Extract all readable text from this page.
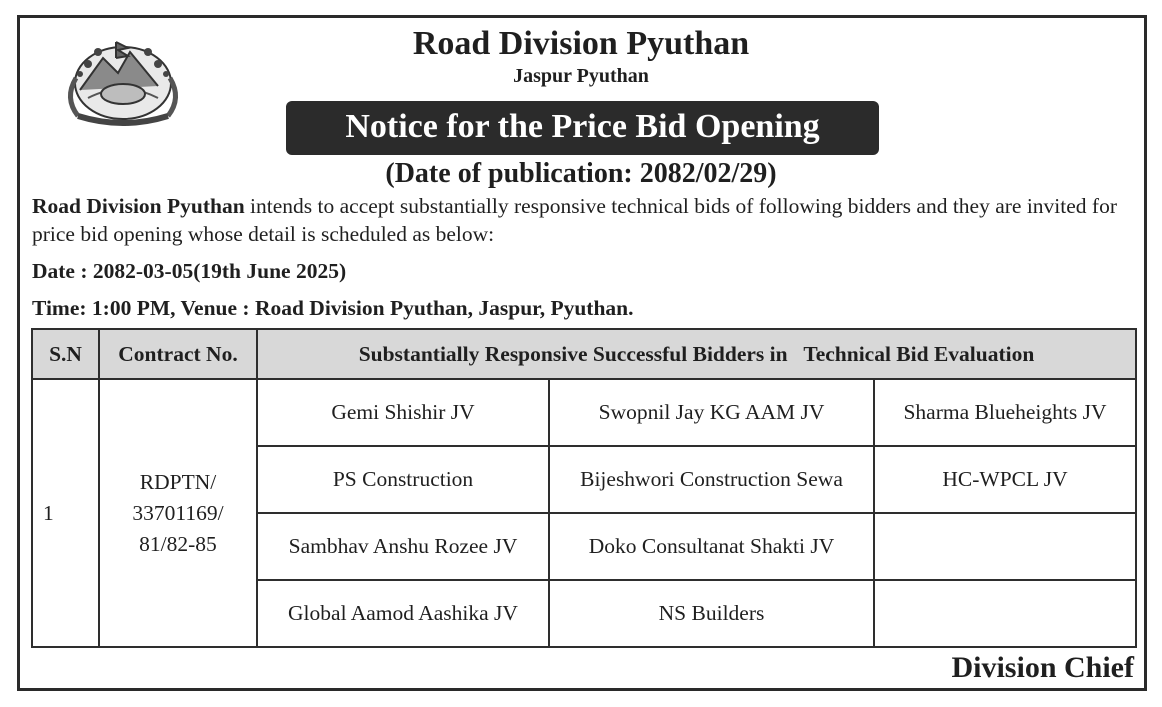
Road Division Pyuthan
Jaspur Pyuthan
Notice for the Price Bid Opening
(Date of publication: 2082/02/29)
Road Division Pyuthan intends to accept substantially responsive technical bids of following bidders and they are invited for price bid opening whose detail is scheduled as below:
Date : 2082-03-05(19th June 2025)
Time: 1:00 PM, Venue : Road Division Pyuthan, Jaspur, Pyuthan.
S.N	Contract No.	Substantially Responsive Successful Bidders in   Technical Bid Evaluation		
1	RDPTN/
33701169/
81/82-85	Gemi Shishir JV	Swopnil Jay KG AAM JV	Sharma Blueheights JV
		PS Construction	Bijeshwori Construction Sewa	HC-WPCL JV
		Sambhav Anshu Rozee JV	Doko Consultanat Shakti JV	
		Global Aamod Aashika JV	NS Builders	
Division Chief
